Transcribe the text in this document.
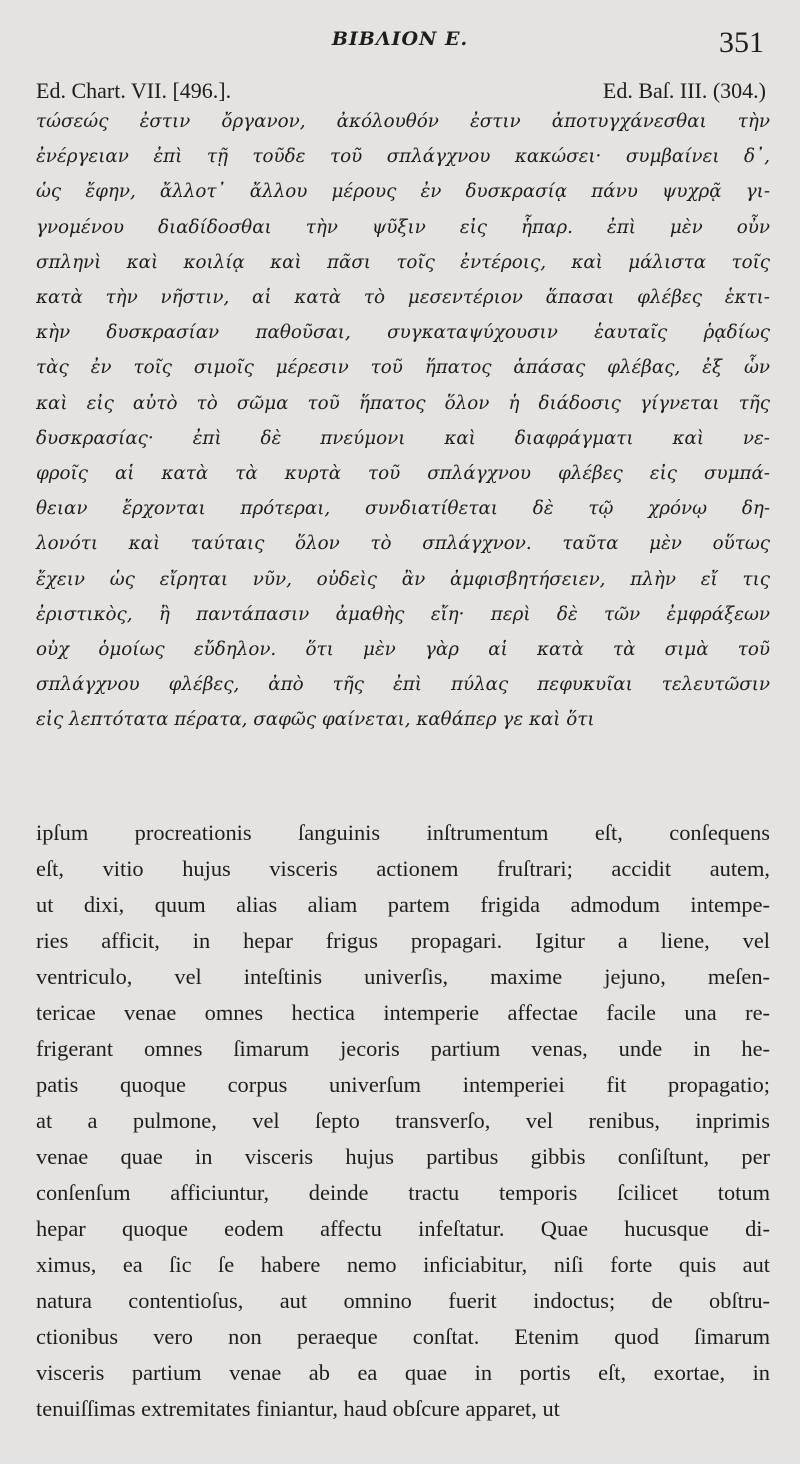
ΒΙΒΛΙΟΝ Ε.	351
Ed. Chart. VII. [496.].	Ed. Baſ. III. (304.)
τώσεώς ἐστιν ὄργανον, ἀκόλουθόν ἐστιν ἀποτυγχάνεσθαι τὴν
ἐνέργειαν ἐπὶ τῇ τοῦδε τοῦ σπλάγχνου κακώσει· συμβαίνει δ᾽,
ὡς ἔφην, ἄλλοτ᾽ ἄλλου μέρους ἐν δυσκρασίᾳ πάνυ ψυχρᾷ γι-
γνομένου διαδίδοσθαι τὴν ψῦξιν εἰς ἧπαρ. ἐπὶ μὲν οὖν
σπληνὶ καὶ κοιλίᾳ καὶ πᾶσι τοῖς ἐντέροις, καὶ μάλιστα τοῖς
κατὰ τὴν νῆστιν, αἱ κατὰ τὸ μεσεντέριον ἅπασαι φλέβες ἑκτι-
κὴν δυσκρασίαν παθοῦσαι, συγκαταψύχουσιν ἑαυταῖς ῥᾳδίως
τὰς ἐν τοῖς σιμοῖς μέρεσιν τοῦ ἥπατος ἁπάσας φλέβας, ἐξ ὧν
καὶ εἰς αὐτὸ τὸ σῶμα τοῦ ἥπατος ὅλον ἡ διάδοσις γίγνεται τῆς
δυσκρασίας· ἐπὶ δὲ πνεύμονι καὶ διαφράγματι καὶ νε-
φροῖς αἱ κατὰ τὰ κυρτὰ τοῦ σπλάγχνου φλέβες εἰς συμπά-
θειαν ἔρχονται πρότεραι, συνδιατίθεται δὲ τῷ χρόνῳ δη-
λονότι καὶ ταύταις ὅλον τὸ σπλάγχνον. ταῦτα μὲν οὕτως
ἔχειν ὡς εἴρηται νῦν, οὐδεὶς ἂν ἀμφισβητήσειεν, πλὴν εἴ τις
ἐριστικὸς, ἢ παντάπασιν ἀμαθὴς εἴη· περὶ δὲ τῶν ἐμφράξεων
οὐχ ὁμοίως εὔδηλον. ὅτι μὲν γὰρ αἱ κατὰ τὰ σιμὰ τοῦ
σπλάγχνου φλέβες, ἀπὸ τῆς ἐπὶ πύλας πεφυκυῖαι τελευτῶσιν
εἰς λεπτότατα πέρατα, σαφῶς φαίνεται, καθάπερ γε καὶ ὅτι
ipſum procreationis ſanguinis inſtrumentum eſt, conſequens
eſt, vitio hujus visceris actionem fruſtrari; accidit autem,
ut dixi, quum alias aliam partem frigida admodum intempe-
ries afficit, in hepar frigus propagari. Igitur a liene, vel
ventriculo, vel inteſtinis univerſis, maxime jejuno, meſen-
tericae venae omnes hectica intemperie affectae facile una re-
frigerant omnes ſimarum jecoris partium venas, unde in he-
patis quoque corpus univerſum intemperiei fit propagatio;
at a pulmone, vel ſepto transverſo, vel renibus, inprimis
venae quae in visceris hujus partibus gibbis conſiſtunt, per
conſenſum afficiuntur, deinde tractu temporis ſcilicet totum
hepar quoque eodem affectu infeſtatur. Quae hucusque di-
ximus, ea ſic ſe habere nemo inficiabitur, niſi forte quis aut
natura contentioſus, aut omnino fuerit indoctus; de obſtru-
ctionibus vero non peraeque conſtat. Etenim quod ſimarum
visceris partium venae ab ea quae in portis eſt, exortae, in
tenuiſſimas extremitates finiantur, haud obſcure apparet, ut
